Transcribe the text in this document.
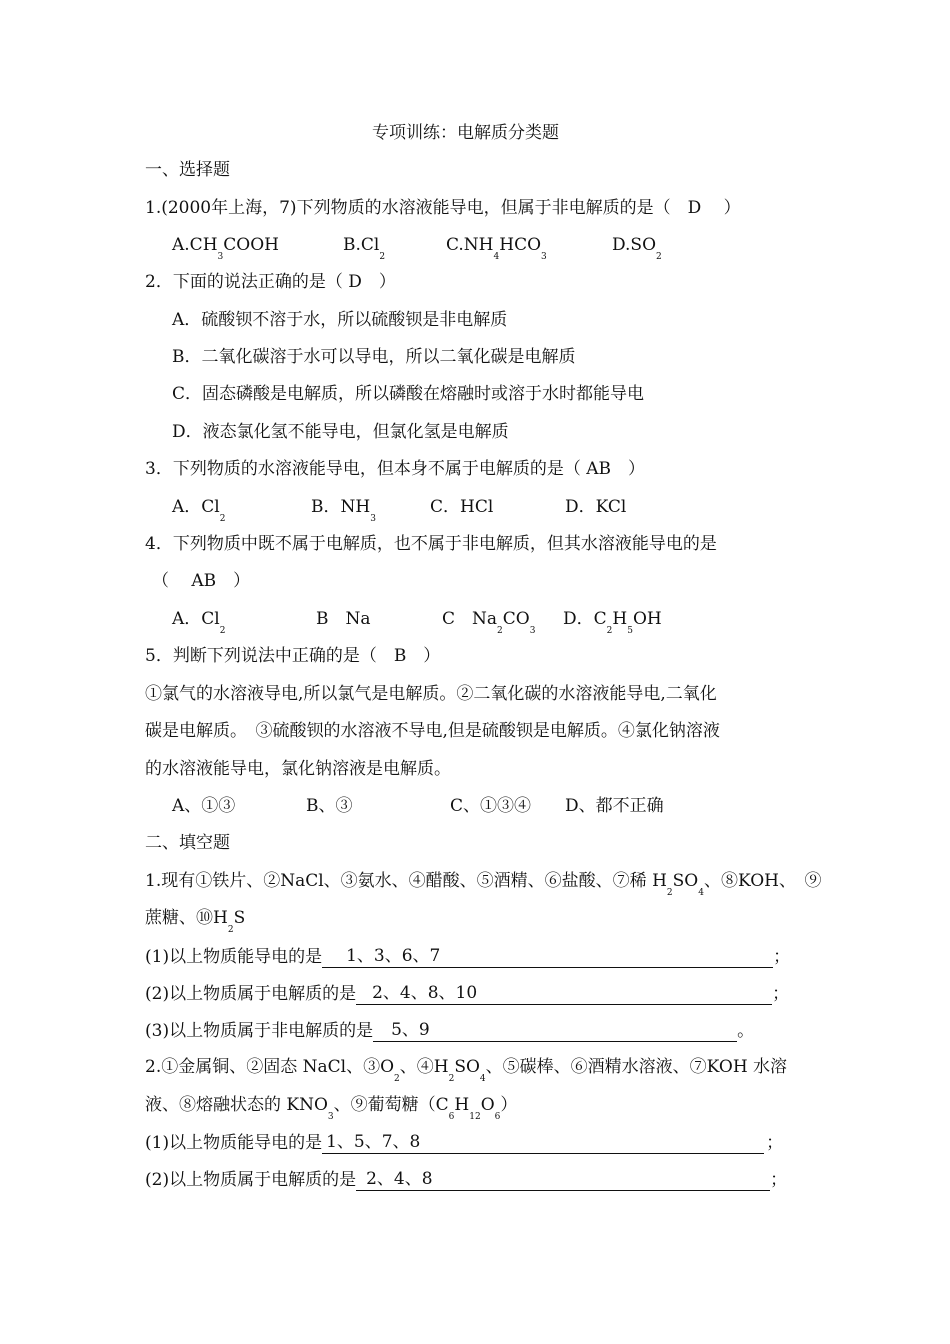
专项训练：电解质分类题
一、选择题
1.(2000年上海，7)下列物质的水溶液能导电，但属于非电解质的是（　D　 ）
$A.CH_3COOH$	$B.Cl_2$
$C.NH_4HCO_3$
$D.SO_2$
2．下面的说法正确的是（ D　）
A．硫酸钡不溶于水，所以硫酸钡是非电解质
B．二氧化碳溶于水可以导电，所以二氧化碳是电解质
C．固态磷酸是电解质，所以磷酸在熔融时或溶于水时都能导电
D．液态氯化氢不能导电，但氯化氢是电解质
3．下列物质的水溶液能导电，但本身不属于电解质的是（ AB　）
A．$Cl_2$
B．$NH_3$
C．HCl	D．KCl
4．下列物质中既不属于电解质，也不属于非电解质，但其水溶液能导电的是
（　 AB　）
A．$Cl_2$
B　Na	C　$Na_2CO_3$
D．$C_2H_5OH$
5．判断下列说法中正确的是（　B　）
①氯气的水溶液导电,所以氯气是电解质。②二氧化碳的水溶液能导电,二氧化
碳是电解质。　③硫酸钡的水溶液不导电,但是硫酸钡是电解质。④氯化钠溶液
的水溶液能导电，氯化钠溶液是电解质。
A、①③	B、③	C、①③④ D、都不正确
二、填空题
1.现有①铁片、②NaCl、③氨水、④醋酸、⑤酒精、⑥盐酸、⑦稀 $H_2SO_4$、⑧KOH、　⑨
蔗糖、$⑩H_2S$
(1)以上物质能导电的是 1、3、6、7	；
(2)以上物质属于电解质的是 2、4、8、10	；
(3)以上物质属于非电解质的是 5、9	。
2.①金属铜、②固态 NaCl、$③O_2$、$④H_2SO_4$、⑤碳棒、⑥酒精水溶液、⑦KOH 水溶
液、⑧熔融状态的 $KNO_3$、⑨葡萄糖$(C_6H_{12}O_6)$
(1)以上物质能导电的是 1、5、7、8	；
(2)以上物质属于电解质的是 2、4、8	；
